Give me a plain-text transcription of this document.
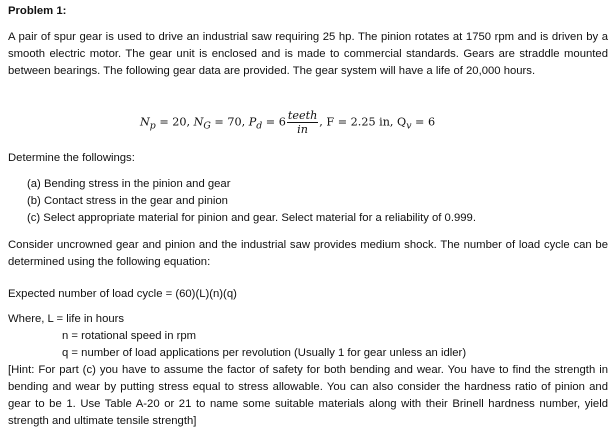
Problem 1:
A pair of spur gear is used to drive an industrial saw requiring 25 hp. The pinion rotates at 1750 rpm and is driven by a smooth electric motor. The gear unit is enclosed and is made to commercial standards. Gears are straddle mounted between bearings. The following gear data are provided. The gear system will have a life of 20,000 hours.
$N_p = 20$, $N_G = 70$, $P_d = 6 \frac{\text{teeth}}{in}$ , F = 2.25 in, $Q_v = 6$
Determine the followings:
(a) Bending stress in the pinion and gear
(b) Contact stress in the gear and pinion
(c) Select appropriate material for pinion and gear. Select material for a reliability of 0.999.
Consider uncrowned gear and pinion and the industrial saw provides medium shock. The number of load cycle can be determined using the following equation:
Expected number of load cycle = (60)(L)(n)(q)
Where, L = life in hours
n = rotational speed in rpm
q = number of load applications per revolution (Usually 1 for gear unless an idler)
[Hint: For part (c) you have to assume the factor of safety for both bending and wear. You have to find the strength in bending and wear by putting stress equal to stress allowable. You can also consider the hardness ratio of pinion and gear to be 1. Use Table A-20 or 21 to name some suitable materials along with their Brinell hardness number, yield strength and ultimate tensile strength]
